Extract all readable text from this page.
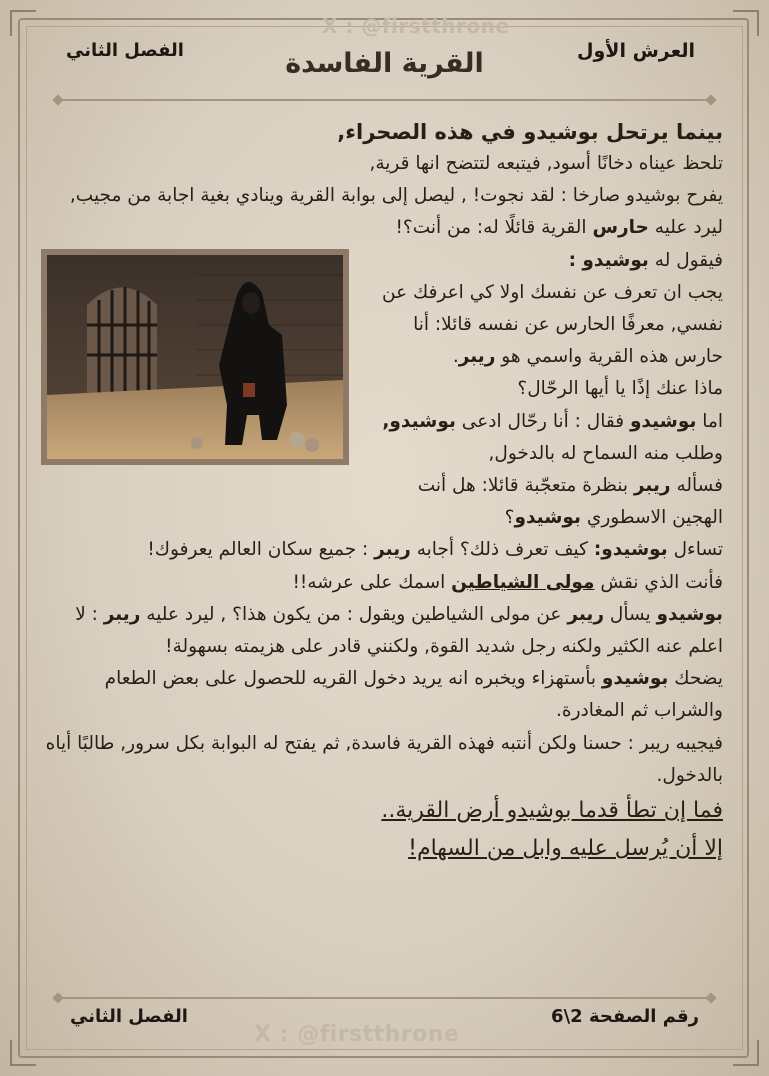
X : @firstthrone
الفصل الثاني	العرش الأول
القرية الفاسدة

بينما يرتحل بوشيدو في هذه الصحراء,

تلحظ عيناه دخانًا أسود, فيتبعه لتتضح انها قرية,

يفرح بوشيدو صارخا : لقد نجوت! , ليصل إلى بوابة القرية وينادي بغية اجابة من مجيب, ليرد عليه حارس القرية قائلًا له: من أنت؟!

فيقول له بوشيدو :

يجب ان تعرف عن نفسك اولا كي اعرفك عن نفسي, معرفًا الحارس عن نفسه قائلا: أنا حارس هذه القرية واسمي هو ريبر.

ماذا عنك إذًا يا أيها الرحّال؟

اما بوشيدو فقال : أنا رحّال ادعى بوشيدو, وطلب منه السماح له بالدخول,

فسأله ريبر بنظرة متعجّبة قائلا: هل أنت الهجين الاسطوري بوشيدو؟

تساءل بوشيدو: كيف تعرف ذلك؟ أجابه ريبر : جميع سكان العالم يعرفوك!

فأنت الذي نقش مولى الشياطين اسمك على عرشه!!

بوشيدو يسأل ريبر عن مولى الشياطين ويقول : من يكون هذا؟ , ليرد عليه ريبر : لا اعلم عنه الكثير ولكنه رجل شديد القوة, ولكنني قادر على هزيمته بسهولة!

يضحك بوشيدو بأستهزاء ويخبره انه يريد دخول القريه للحصول على بعض الطعام والشراب ثم المغادرة.

فيجيبه ريبر : حسنا ولكن أنتبه فهذه القرية فاسدة, ثم يفتح له البوابة بكل سرور, طالبًا أياه بالدخول.

فما إن تطأ قدما بوشيدو أرض القرية..

إلا أن يُرسل عليه وابل من السهام!

الفصل الثاني	رقم الصفحة 2\6
X : @firstthrone
